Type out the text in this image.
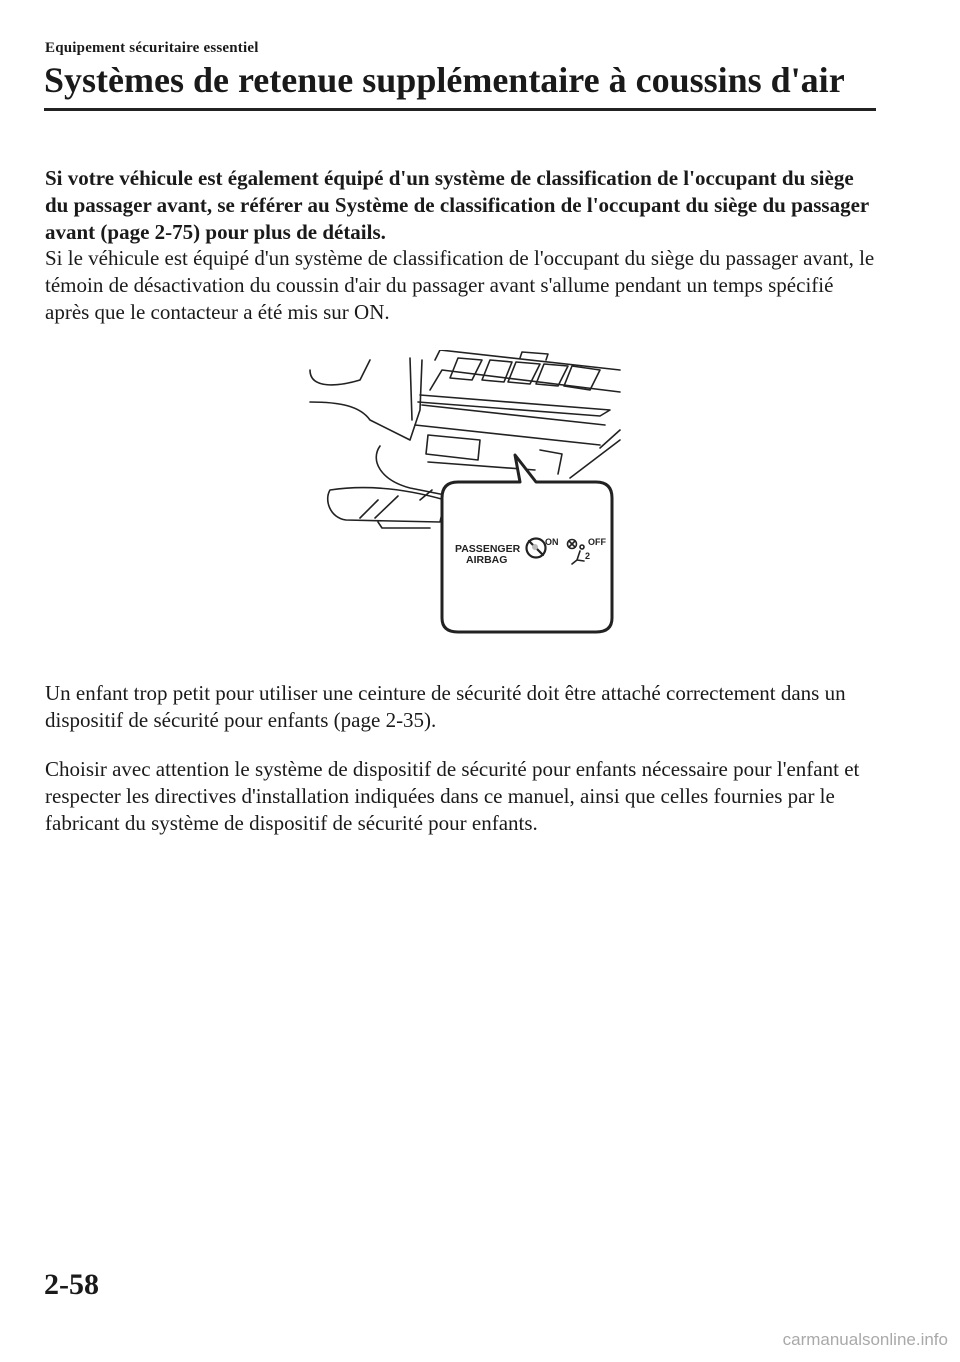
Equipement sécuritaire essentiel
Systèmes de retenue supplémentaire à coussins d'air

Si votre véhicule est également équipé d'un système de classification de l'occupant du siège du passager avant, se référer au Système de classification de l'occupant du siège du passager avant (page 2-75) pour plus de détails.

Si le véhicule est équipé d'un système de classification de l'occupant du siège du passager avant, le témoin de désactivation du coussin d'air du passager avant s'allume pendant un temps spécifié après que le contacteur a été mis sur ON.

PASSENGER
AIRBAG
ON	OFF
2

Un enfant trop petit pour utiliser une ceinture de sécurité doit être attaché correctement dans un dispositif de sécurité pour enfants (page 2-35).

Choisir avec attention le système de dispositif de sécurité pour enfants nécessaire pour l'enfant et respecter les directives d'installation indiquées dans ce manuel, ainsi que celles fournies par le fabricant du système de dispositif de sécurité pour enfants.

2-58
carmanualsonline.info
